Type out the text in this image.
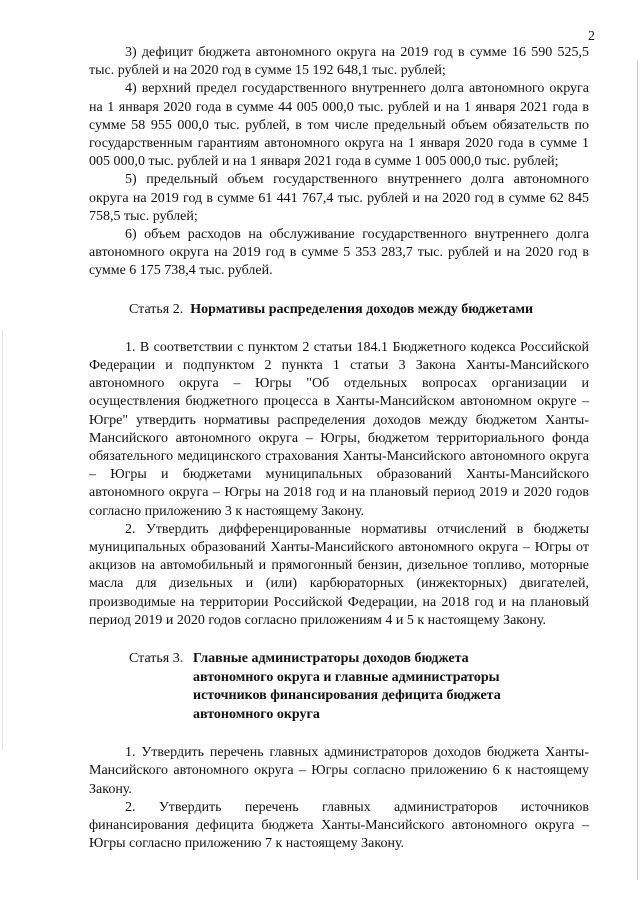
2

3) дефицит бюджета автономного округа на 2019 год в сумме 16 590 525,5 тыс. рублей и на 2020 год в сумме 15 192 648,1 тыс. рублей;

4) верхний предел государственного внутреннего долга автономного округа на 1 января 2020 года в сумме 44 005 000,0 тыс. рублей и на 1 января 2021 года в сумме 58 955 000,0 тыс. рублей, в том числе предельный объем обязательств по государственным гарантиям автономного округа на 1 января 2020 года в сумме 1 005 000,0 тыс. рублей и на 1 января 2021 года в сумме 1 005 000,0 тыс. рублей;

5) предельный объем государственного внутреннего долга автономного округа на 2019 год в сумме 61 441 767,4 тыс. рублей и на 2020 год в сумме 62 845 758,5 тыс. рублей;

6) объем расходов на обслуживание государственного внутреннего долга автономного округа на 2019 год в сумме 5 353 283,7 тыс. рублей и на 2020 год в сумме 6 175 738,4 тыс. рублей.

Статья 2. Нормативы распределения доходов между бюджетами

1. В соответствии с пунктом 2 статьи 184.1 Бюджетного кодекса Российской Федерации и подпунктом 2 пункта 1 статьи 3 Закона Ханты-Мансийского автономного округа – Югры "Об отдельных вопросах организации и осуществления бюджетного процесса в Ханты-Мансийском автономном округе – Югре" утвердить нормативы распределения доходов между бюджетом Ханты-Мансийского автономного округа – Югры, бюджетом территориального фонда обязательного медицинского страхования Ханты-Мансийского автономного округа – Югры и бюджетами муниципальных образований Ханты-Мансийского автономного округа – Югры на 2018 год и на плановый период 2019 и 2020 годов согласно приложению 3 к настоящему Закону.

2. Утвердить дифференцированные нормативы отчислений в бюджеты муниципальных образований Ханты-Мансийского автономного округа – Югры от акцизов на автомобильный и прямогонный бензин, дизельное топливо, моторные масла для дизельных и (или) карбюраторных (инжекторных) двигателей, производимые на территории Российской Федерации, на 2018 год и на плановый период 2019 и 2020 годов согласно приложениям 4 и 5 к настоящему Закону.

Статья 3. Главные администраторы доходов бюджета автономного округа и главные администраторы источников финансирования дефицита бюджета автономного округа

1. Утвердить перечень главных администраторов доходов бюджета Ханты-Мансийского автономного округа – Югры согласно приложению 6 к настоящему Закону.

2. Утвердить перечень главных администраторов источников финансирования дефицита бюджета Ханты-Мансийского автономного округа – Югры согласно приложению 7 к настоящему Закону.
